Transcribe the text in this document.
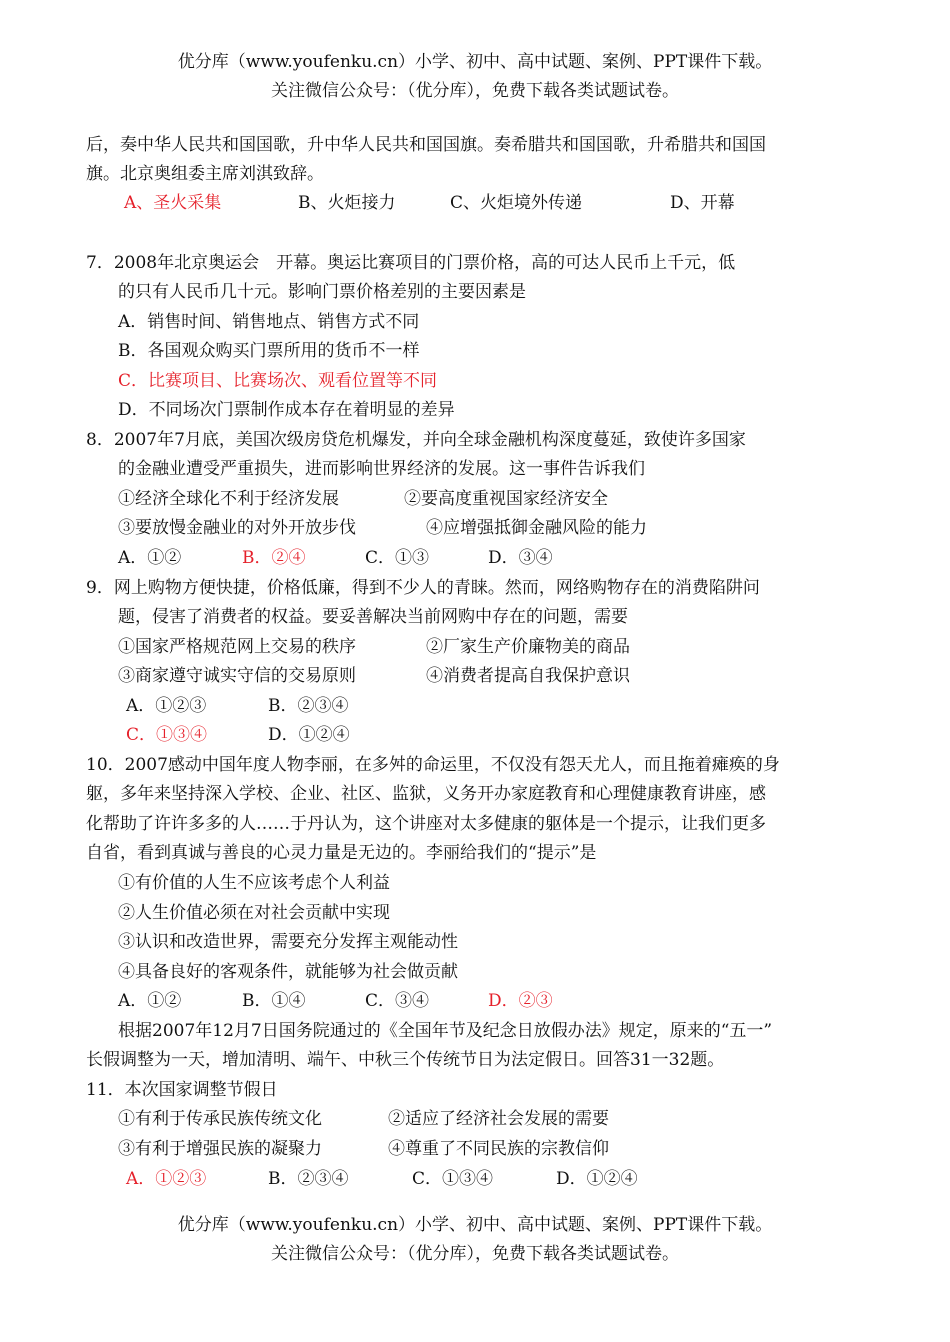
优分库（www.youfenku.cn）小学、初中、高中试题、案例、PPT课件下载。
关注微信公众号：（优分库），免费下载各类试题试卷。
后，奏中华人民共和国国歌，升中华人民共和国国旗。奏希腊共和国国歌，升希腊共和国国
旗。北京奥组委主席刘淇致辞。
A、圣火采集	B、火炬接力	C、火炬境外传递	D、开幕
7．2008年北京奥运会　开幕。奥运比赛项目的门票价格，高的可达人民币上千元，低
的只有人民币几十元。影响门票价格差别的主要因素是
A．销售时间、销售地点、销售方式不同
B．各国观众购买门票所用的货币不一样
C．比赛项目、比赛场次、观看位置等不同
D．不同场次门票制作成本存在着明显的差异
8．2007年7月底，美国次级房贷危机爆发，并向全球金融机构深度蔓延，致使许多国家
的金融业遭受严重损失，进而影响世界经济的发展。这一事件告诉我们
①经济全球化不利于经济发展	②要高度重视国家经济安全
③要放慢金融业的对外开放步伐	④应增强抵御金融风险的能力
A．①②	B．②④	C．①③	D．③④
9．网上购物方便快捷，价格低廉，得到不少人的青睐。然而，网络购物存在的消费陷阱问
题，侵害了消费者的权益。要妥善解决当前网购中存在的问题，需要
①国家严格规范网上交易的秩序	②厂家生产价廉物美的商品
③商家遵守诚实守信的交易原则	④消费者提高自我保护意识
A．①②③	B．②③④
C．①③④	D．①②④
10．2007感动中国年度人物李丽，在多舛的命运里，不仅没有怨天尤人，而且拖着瘫痪的身
躯，多年来坚持深入学校、企业、社区、监狱，义务开办家庭教育和心理健康教育讲座，感
化帮助了许许多多的人……于丹认为，这个讲座对太多健康的躯体是一个提示，让我们更多
自省，看到真诚与善良的心灵力量是无边的。李丽给我们的“提示”是
①有价值的人生不应该考虑个人利益
②人生价值必须在对社会贡献中实现
③认识和改造世界，需要充分发挥主观能动性
④具备良好的客观条件，就能够为社会做贡献
A．①②	B．①④	C．③④	D．②③
根据2007年12月7日国务院通过的《全国年节及纪念日放假办法》规定，原来的“五一”
长假调整为一天，增加清明、端午、中秋三个传统节日为法定假日。回答31一32题。
11．本次国家调整节假日
①有利于传承民族传统文化	②适应了经济社会发展的需要
③有利于增强民族的凝聚力	④尊重了不同民族的宗教信仰
A．①②③	B．②③④	C．①③④	D．①②④
优分库（www.youfenku.cn）小学、初中、高中试题、案例、PPT课件下载。
关注微信公众号：（优分库），免费下载各类试题试卷。
